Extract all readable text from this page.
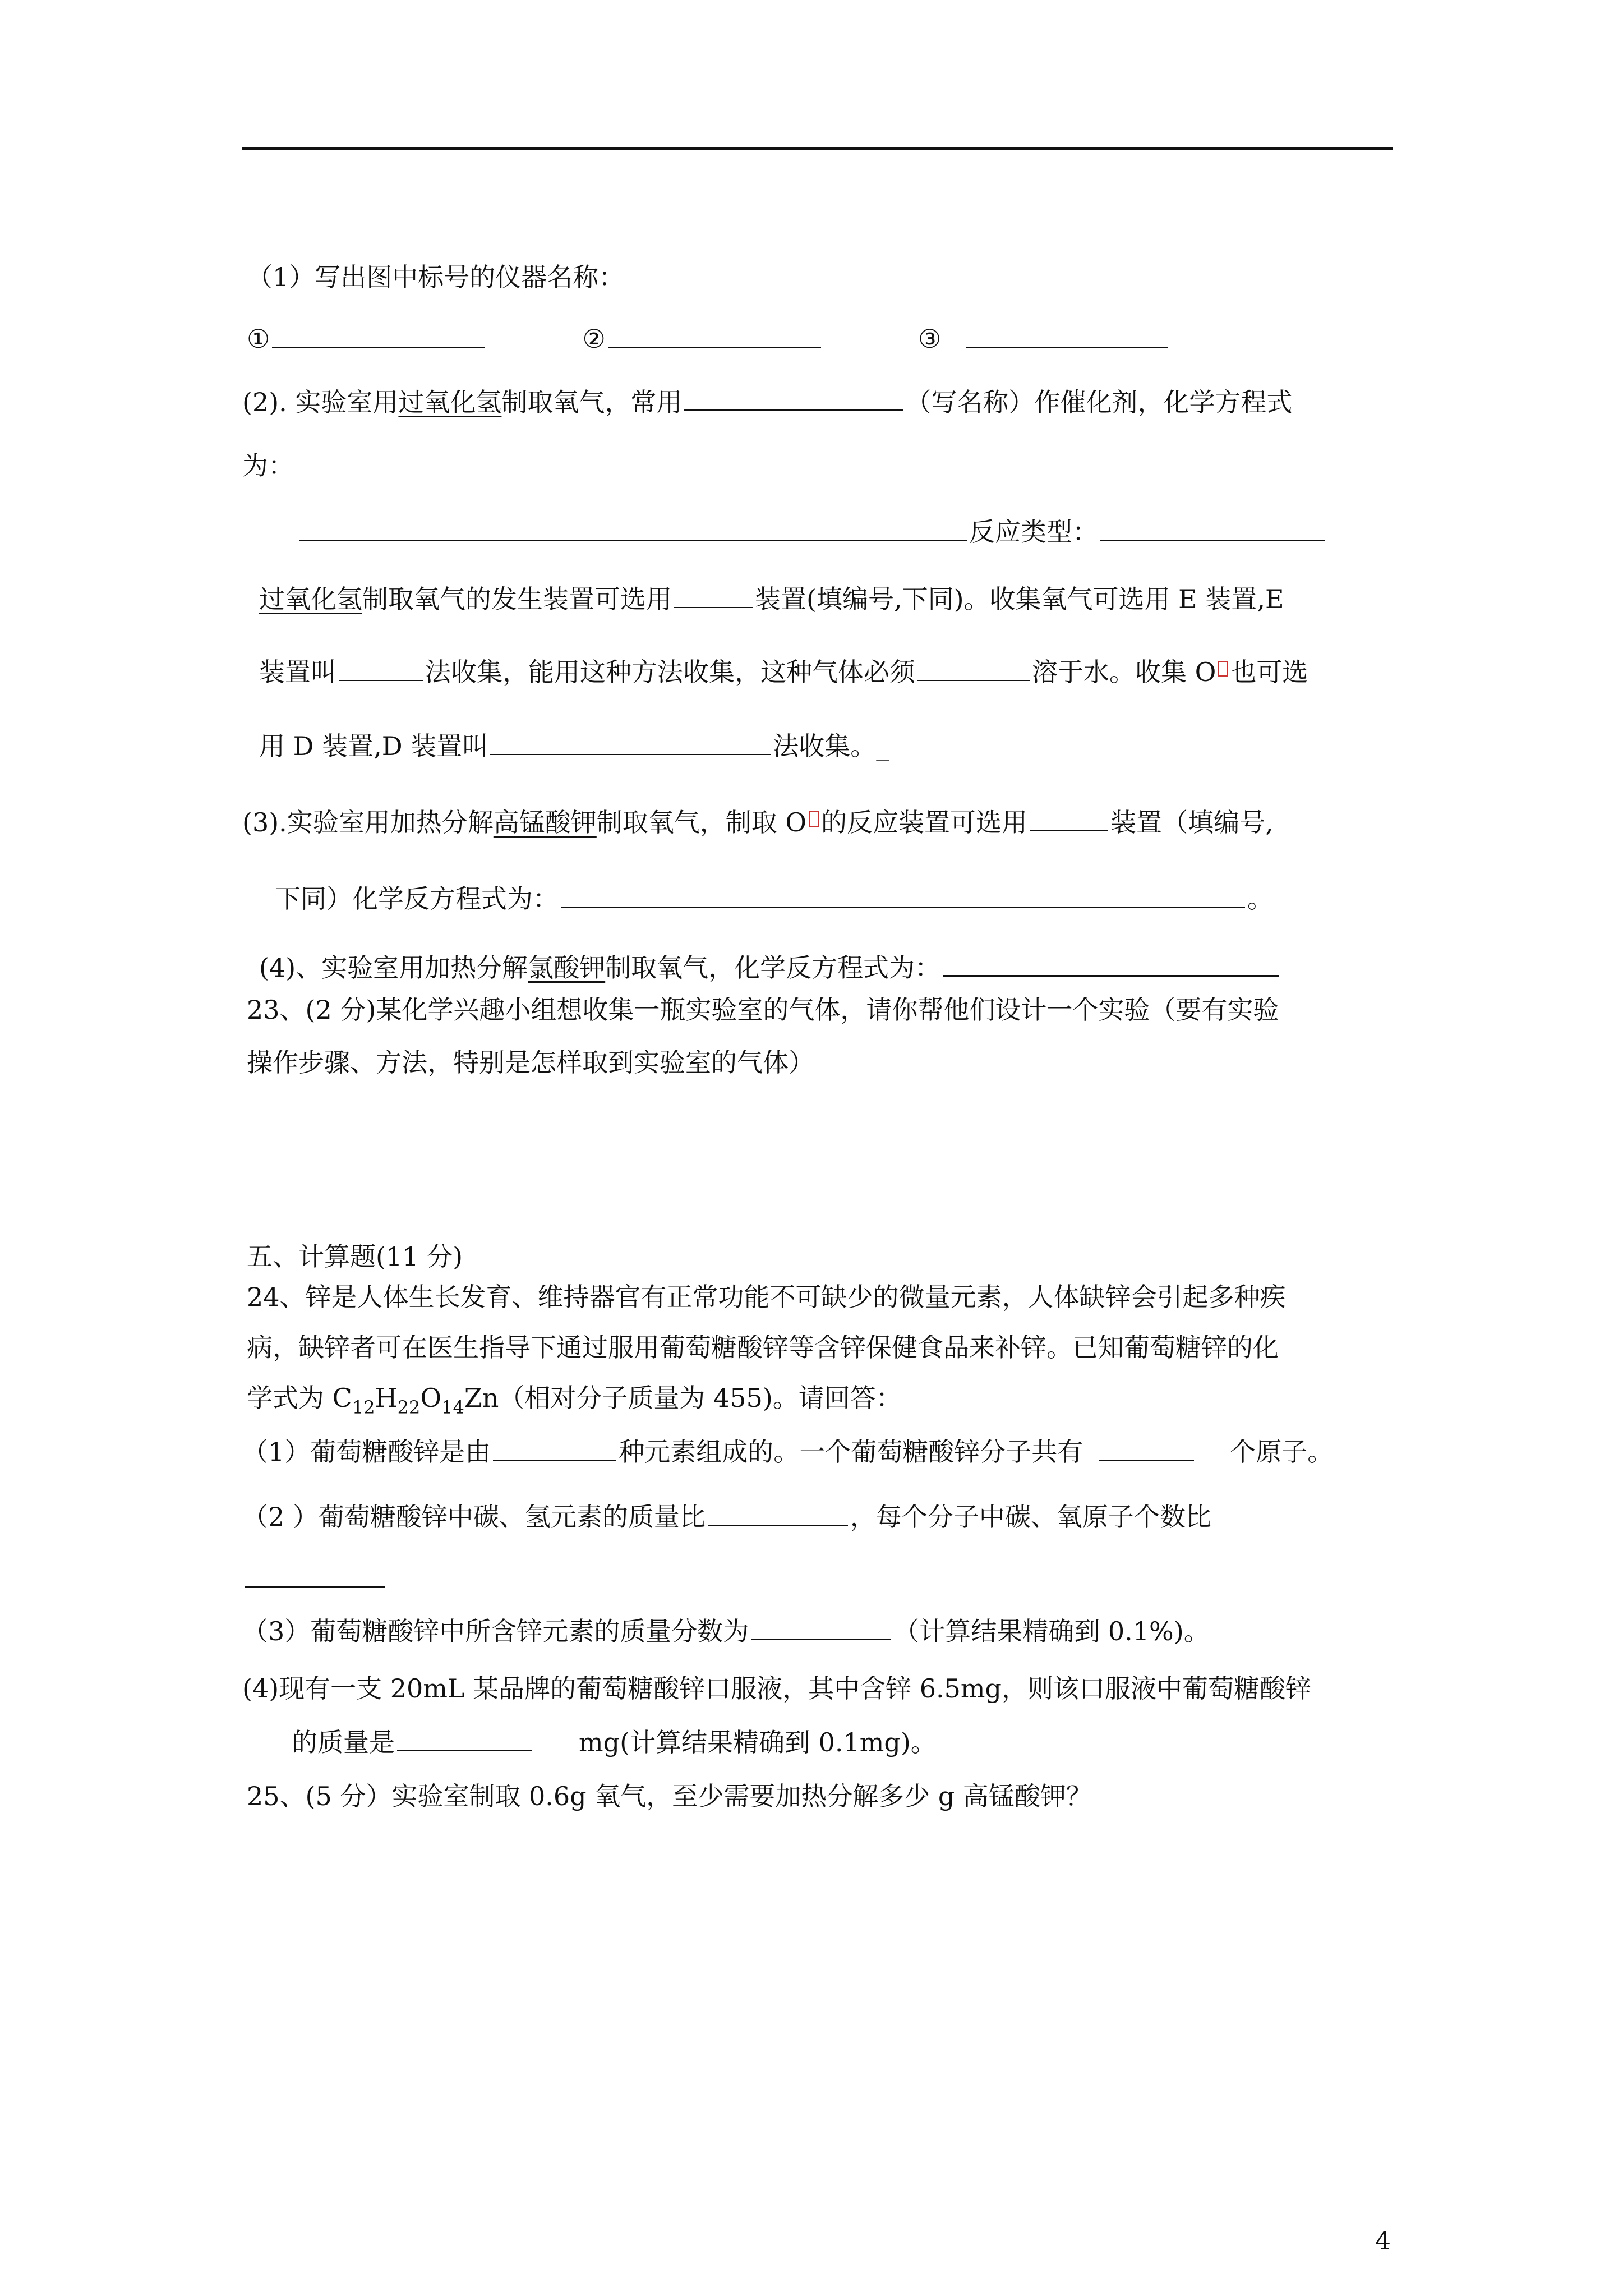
（1）写出图中标号的仪器名称：
①	②	③
(2). 实验室用过氧化氢制取氧气，常用	（写名称）作催化剂，化学方程式
为：
反应类型：
过氧化氢制取氧气的发生装置可选用	装置(填编号,下同)。收集氧气可选用 E 装置,E
装置叫	法收集，能用这种方法收集，这种气体必须	溶于水。收集 O 也可选
用 D 装置,D 装置叫	法收集。_
(3).实验室用加热分解高锰酸钾制取氧气，制取 O 的反应装置可选用	装置（填编号,
下同）化学反方程式为：	。
(4)、实验室用加热分解氯酸钾制取氧气，化学反方程式为：
23、(2 分)某化学兴趣小组想收集一瓶实验室的气体，请你帮他们设计一个实验（要有实验
操作步骤、方法，特别是怎样取到实验室的气体）
五、计算题(11 分)
24、锌是人体生长发育、维持器官有正常功能不可缺少的微量元素，人体缺锌会引起多种疾
病，缺锌者可在医生指导下通过服用葡萄糖酸锌等含锌保健食品来补锌。已知葡萄糖锌的化
学式为 $C_{12}H_{22}O_{14}Zn$（相对分子质量为 455)。请回答：
（1）葡萄糖酸锌是由	种元素组成的。一个葡萄糖酸锌分子共有	个原子。
（2 ）葡萄糖酸锌中碳、氢元素的质量比	，每个分子中碳、氧原子个数比
（3）葡萄糖酸锌中所含锌元素的质量分数为	（计算结果精确到 0.1%)。
(4)现有一支 20mL 某品牌的葡萄糖酸锌口服液，其中含锌 6.5mg，则该口服液中葡萄糖酸锌
的质量是	mg(计算结果精确到 0.1mg)。
25、(5 分）实验室制取 0.6g 氧气，至少需要加热分解多少 g 高锰酸钾？
4
